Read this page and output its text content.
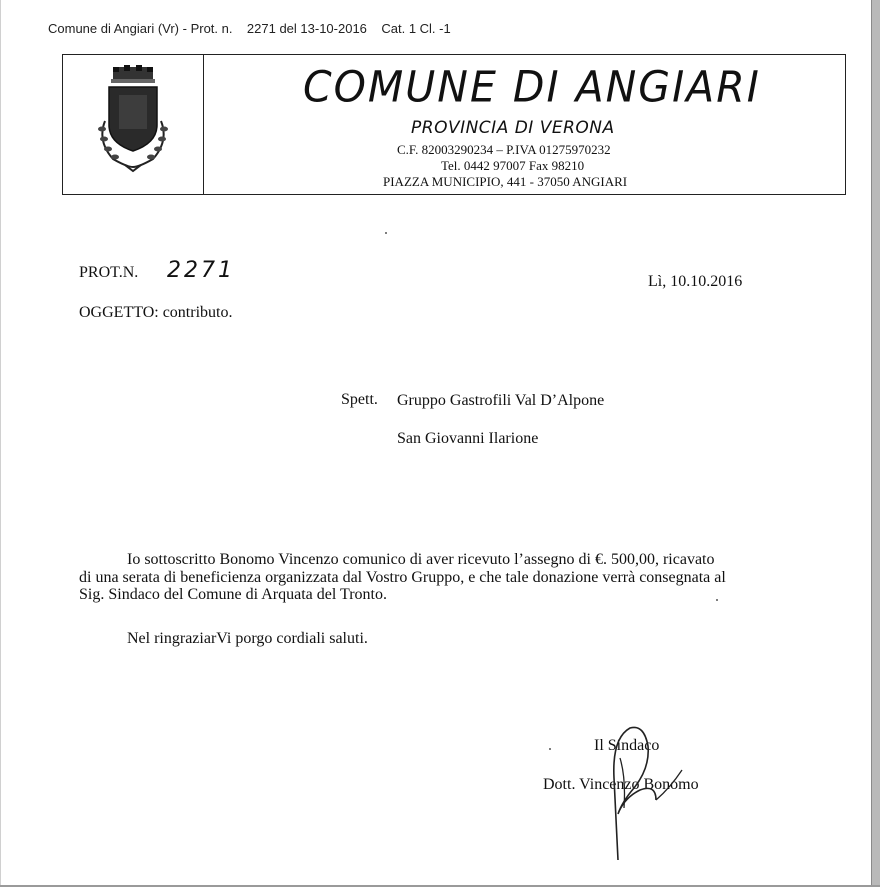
Comune di Angiari (Vr) - Prot. n.    2271 del 13-10-2016    Cat. 1 Cl. -1
COMUNE DI ANGIARI
PROVINCIA DI VERONA
C.F. 82003290234 – P.IVA 01275970232
Tel. 0442 97007 Fax 98210
PIAZZA MUNICIPIO, 441 - 37050 ANGIARI
PROT.N. 2271	Lì, 10.10.2016
OGGETTO: contributo.
Spett. Gruppo Gastrofili Val D’Alpone
San Giovanni Ilarione
Io sottoscritto Bonomo Vincenzo comunico di aver ricevuto l’assegno di €. 500,00, ricavato
di una serata di beneficienza organizzata dal Vostro Gruppo, e che tale donazione verrà consegnata al
Sig. Sindaco del Comune di Arquata del Tronto.
Nel ringraziarVi porgo cordiali saluti.
Il Sindaco
Dott. Vincenzo Bonomo
